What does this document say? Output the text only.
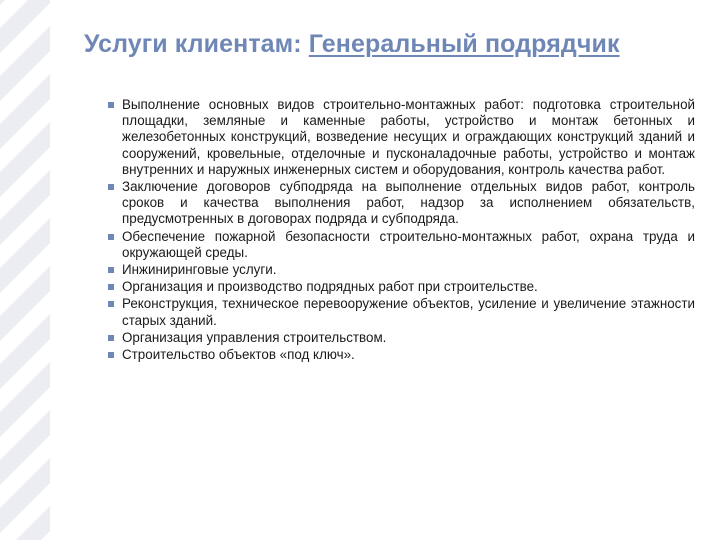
Услуги клиентам: Генеральный подрядчик
Выполнение основных видов строительно-монтажных работ: подготовка строительной площадки, земляные и каменные работы, устройство и монтаж бетонных и железобетонных конструкций, возведение несущих и ограждающих конструкций зданий и сооружений, кровельные, отделочные и пусконаладочные работы, устройство и монтаж внутренних и наружных инженерных систем и оборудования, контроль качества работ.
Заключение договоров субподряда на выполнение отдельных видов работ, контроль сроков и качества выполнения работ, надзор за исполнением обязательств, предусмотренных в договорах подряда и субподряда.
Обеспечение пожарной безопасности строительно-монтажных работ, охрана труда и окружающей среды.
Инжиниринговые услуги.
Организация и производство подрядных работ при строительстве.
Реконструкция, техническое перевооружение объектов, усиление и увеличение этажности старых зданий.
Организация управления строительством.
Строительство объектов «под ключ».
